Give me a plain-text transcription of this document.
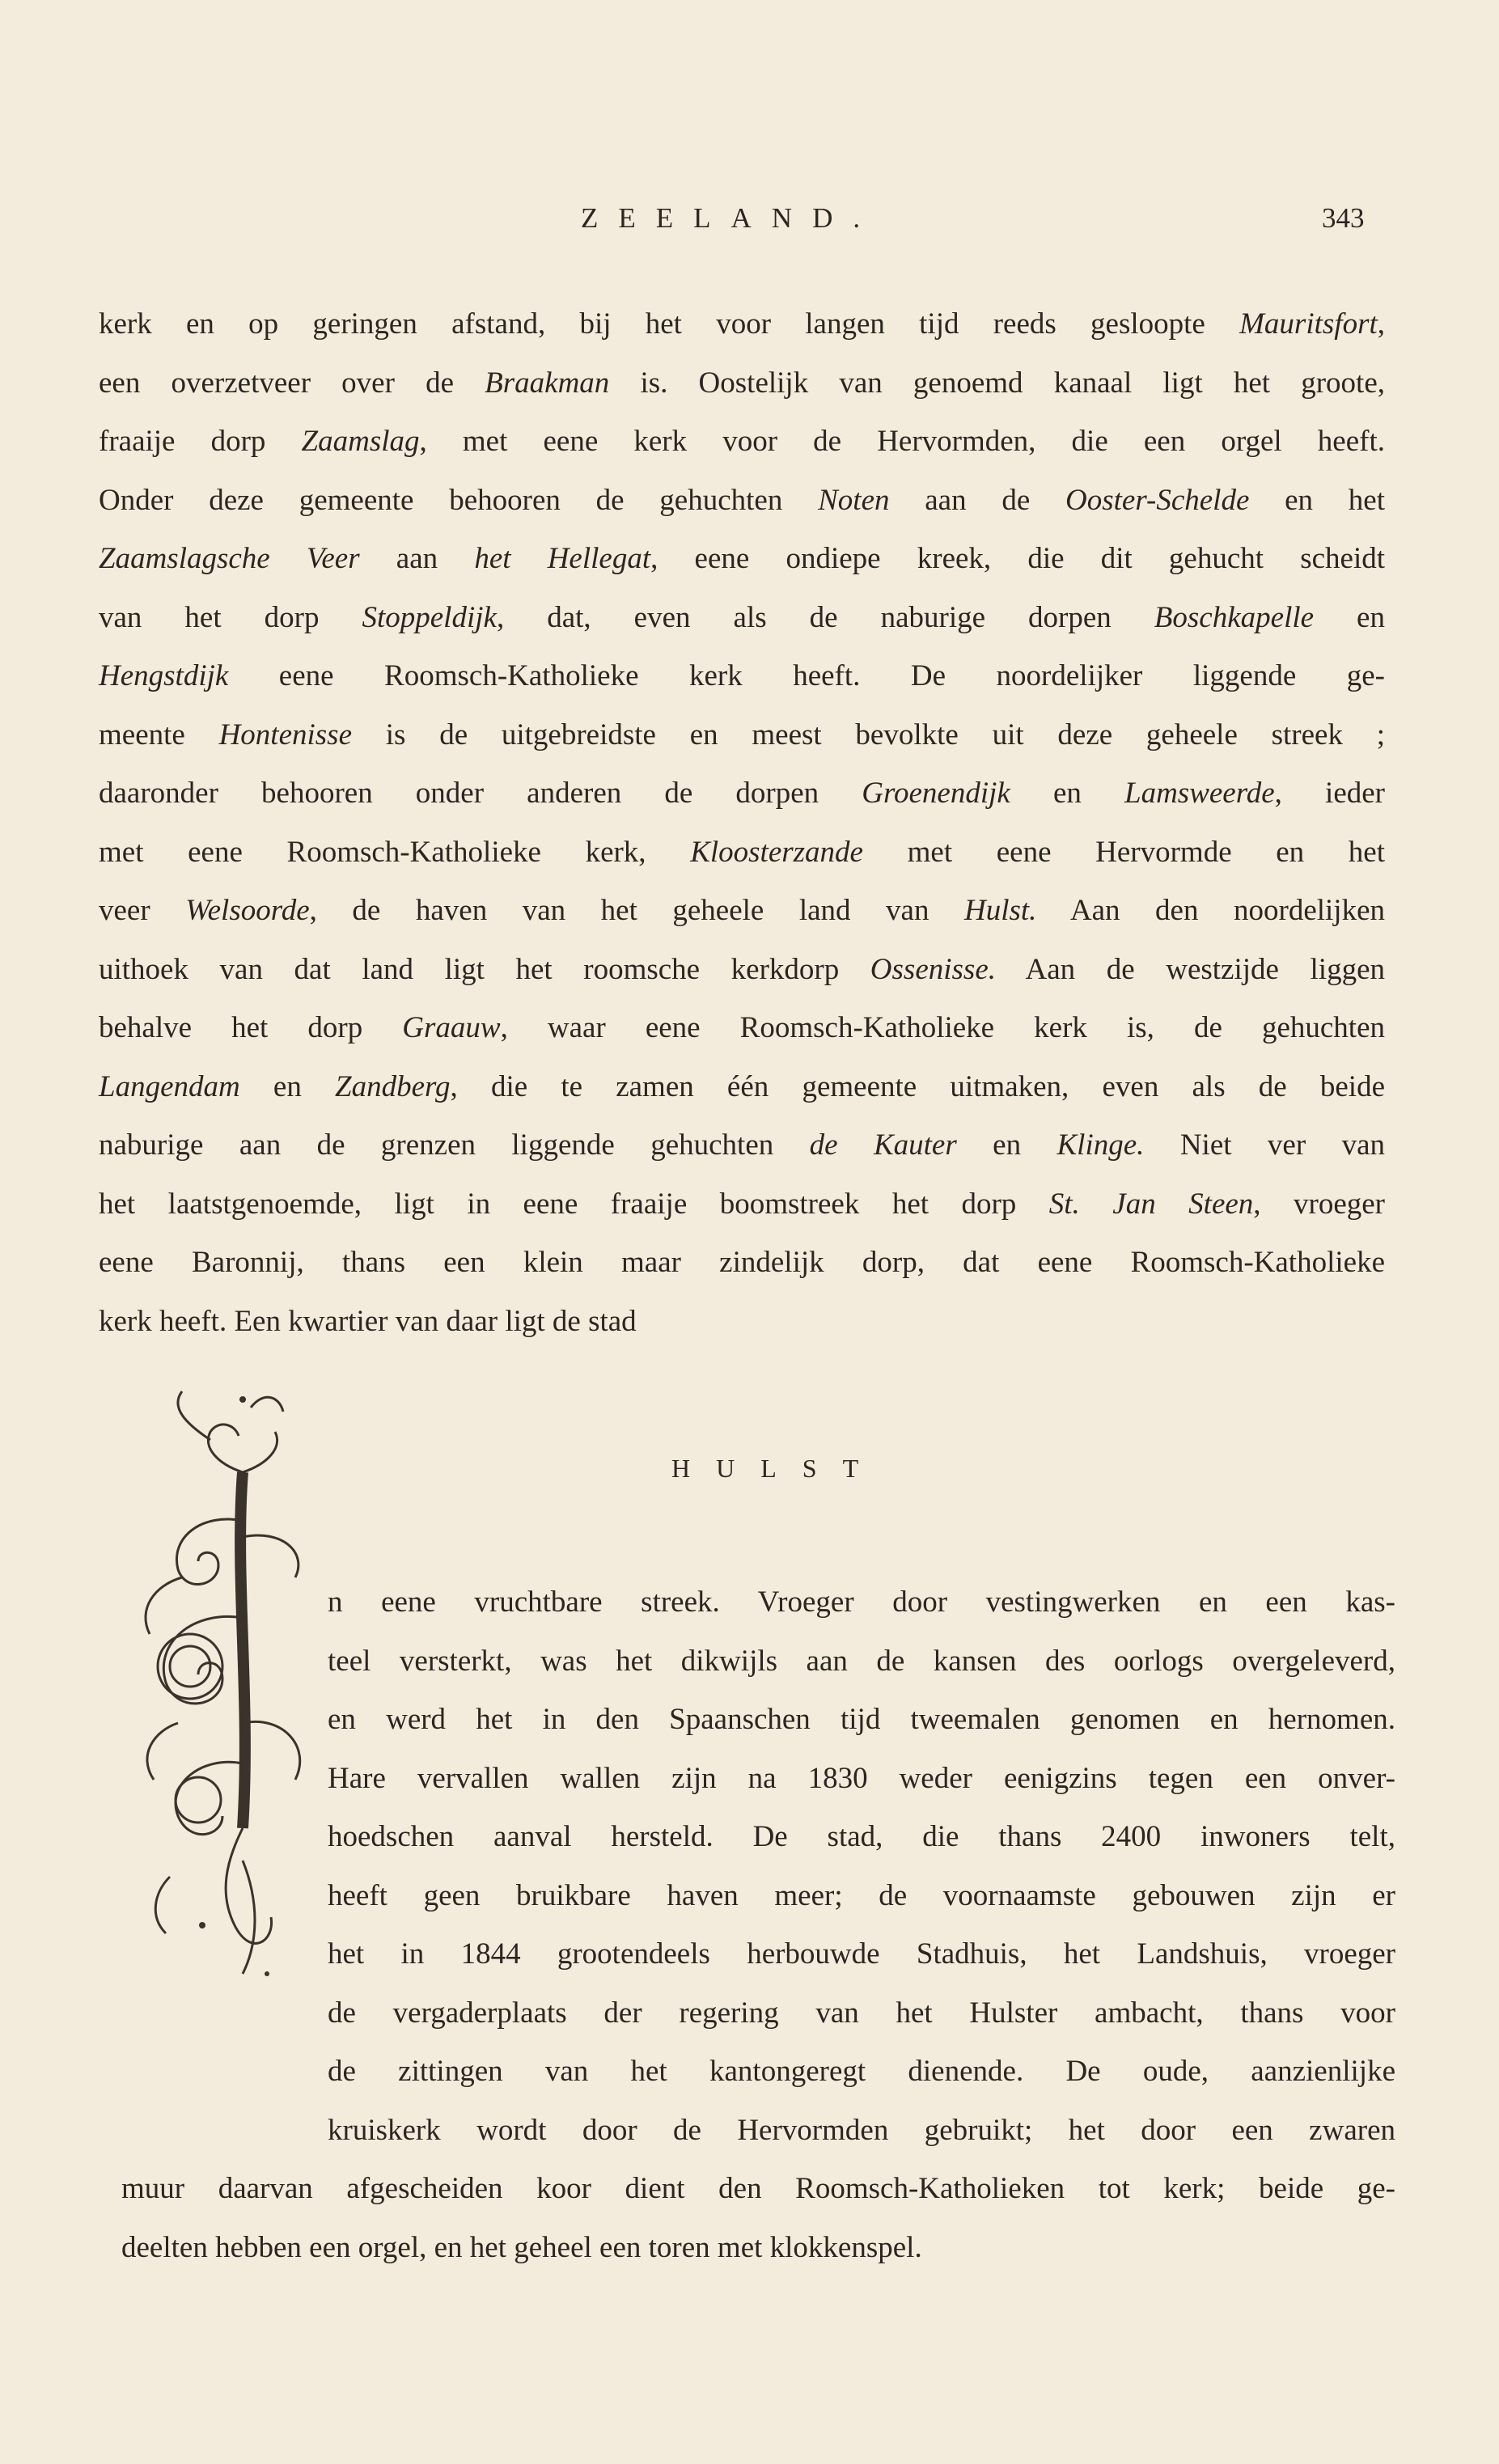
ZEELAND.	343
kerk en op geringen afstand, bij het voor langen tijd reeds gesloopte Mauritsfort,
een overzetveer over de Braakman is. Oostelijk van genoemd kanaal ligt het groote,
fraaije dorp Zaamslag, met eene kerk voor de Hervormden, die een orgel heeft.
Onder deze gemeente behooren de gehuchten Noten aan de Ooster-Schelde en het
Zaamslagsche Veer aan het Hellegat, eene ondiepe kreek, die dit gehucht scheidt
van het dorp Stoppeldijk, dat, even als de naburige dorpen Boschkapelle en
Hengstdijk eene Roomsch-Katholieke kerk heeft. De noordelijker liggende ge-
meente Hontenisse is de uitgebreidste en meest bevolkte uit deze geheele streek ;
daaronder behooren onder anderen de dorpen Groenendijk en Lamsweerde, ieder
met eene Roomsch-Katholieke kerk, Kloosterzande met eene Hervormde en het
veer Welsoorde, de haven van het geheele land van Hulst. Aan den noordelijken
uithoek van dat land ligt het roomsche kerkdorp Ossenisse. Aan de westzijde liggen
behalve het dorp Graauw, waar eene Roomsch-Katholieke kerk is, de gehuchten
Langendam en Zandberg, die te zamen één gemeente uitmaken, even als de beide
naburige aan de grenzen liggende gehuchten de Kauter en Klinge. Niet ver van
het laatstgenoemde, ligt in eene fraaije boomstreek het dorp St. Jan Steen, vroeger
eene Baronnij, thans een klein maar zindelijk dorp, dat eene Roomsch-Katholieke
kerk heeft. Een kwartier van daar ligt de stad
HULST
I
n eene vruchtbare streek. Vroeger door vestingwerken en een kas-
teel versterkt, was het dikwijls aan de kansen des oorlogs overgeleverd,
en werd het in den Spaanschen tijd tweemalen genomen en hernomen.
Hare vervallen wallen zijn na 1830 weder eenigzins tegen een onver-
hoedschen aanval hersteld. De stad, die thans 2400 inwoners telt,
heeft geen bruikbare haven meer; de voornaamste gebouwen zijn er
het in 1844 grootendeels herbouwde Stadhuis, het Landshuis, vroeger
de vergaderplaats der regering van het Hulster ambacht, thans voor
de zittingen van het kantongeregt dienende. De oude, aanzienlijke
kruiskerk wordt door de Hervormden gebruikt; het door een zwaren
muur daarvan afgescheiden koor dient den Roomsch-Katholieken tot kerk; beide ge-
deelten hebben een orgel, en het geheel een toren met klokkenspel.
